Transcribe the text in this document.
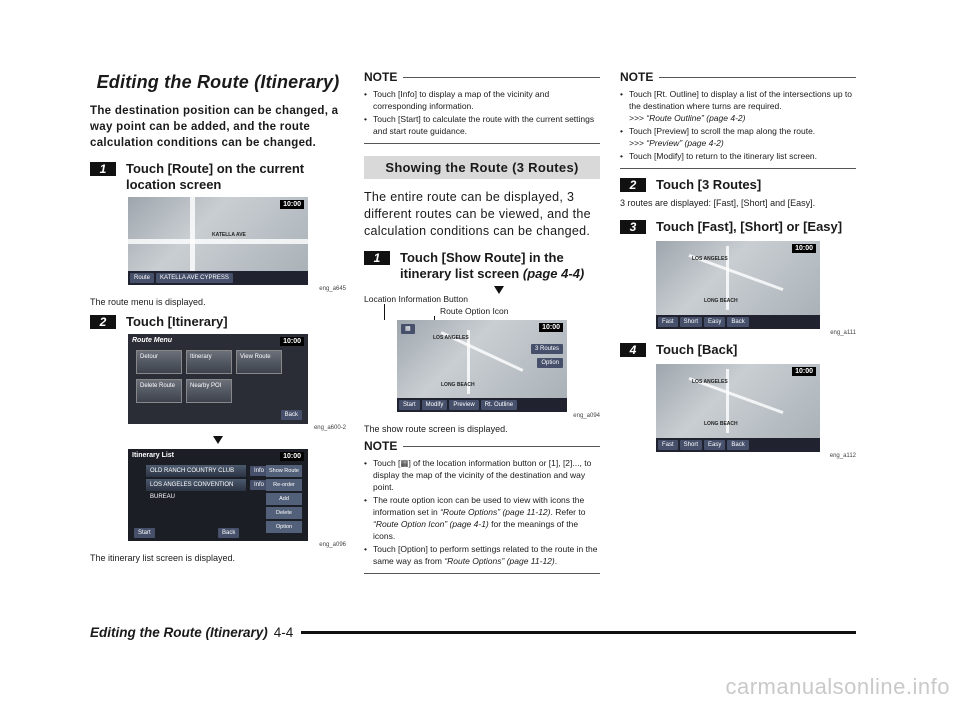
Editing the Route (Itinerary)

The destination position can be changed, a way point can be added, and the route calculation conditions can be changed.

1	Touch [Route] on the current location screen
KATELLA AVE
10:00
Route	KATELLA AVE CYPRESS
eng_a645

The route menu is displayed.

2	Touch [Itinerary]
Route Menu	10:00
Detour	Itinerary	View Route
Delete Route	Nearby POI
Back
eng_a600-2
Itinerary List	10:00
OLD RANCH COUNTRY CLUB
LOS ANGELES CONVENTION BUREAU
Info
Info
Show Route
Re-order
Add
Delete
Option
Start	Back
eng_a096

The itinerary list screen is displayed.

NOTE
• Touch [Info] to display a map of the vicinity and corresponding information.
• Touch [Start] to calculate the route with the current settings and start route guidance.
Showing the Route (3 Routes)

The entire route can be displayed, 3 different routes can be viewed, and the calculation conditions can be changed.

1	Touch [Show Route] in the itinerary list screen (page 4-4)
Location Information Button
Route Option Icon
LOS ANGELES
LONG BEACH
10:00
▦
3 Routes
Option
Start	Modify	Preview	Rt. Outline
eng_a094

The show route screen is displayed.

NOTE
• Touch [▦] of the location information button or [1], [2]..., to display the map of the vicinity of the destination and way point.
• The route option icon can be used to view with icons the information set in “Route Options” (page 11-12). Refer to “Route Option Icon” (page 4-1) for the meanings of the icons.
• Touch [Option] to perform settings related to the route in the same way as from “Route Options” (page 11-12).
NOTE
• Touch [Rt. Outline] to display a list of the intersections up to the destination where turns are required.
>>> “Route Outline” (page 4-2)
• Touch [Preview] to scroll the map along the route.
>>> “Preview” (page 4-2)
• Touch [Modify] to return to the itinerary list screen.
2	Touch [3 Routes]

3 routes are displayed: [Fast], [Short] and [Easy].

3	Touch [Fast], [Short] or [Easy]
LOS ANGELES
LONG BEACH
10:00
Fast	Short	Easy	Back
eng_a111
4	Touch [Back]
LOS ANGELES
LONG BEACH
10:00
Fast	Short	Easy	Back
eng_a112
Editing the Route (Itinerary) 4-4
carmanualsonline.info
